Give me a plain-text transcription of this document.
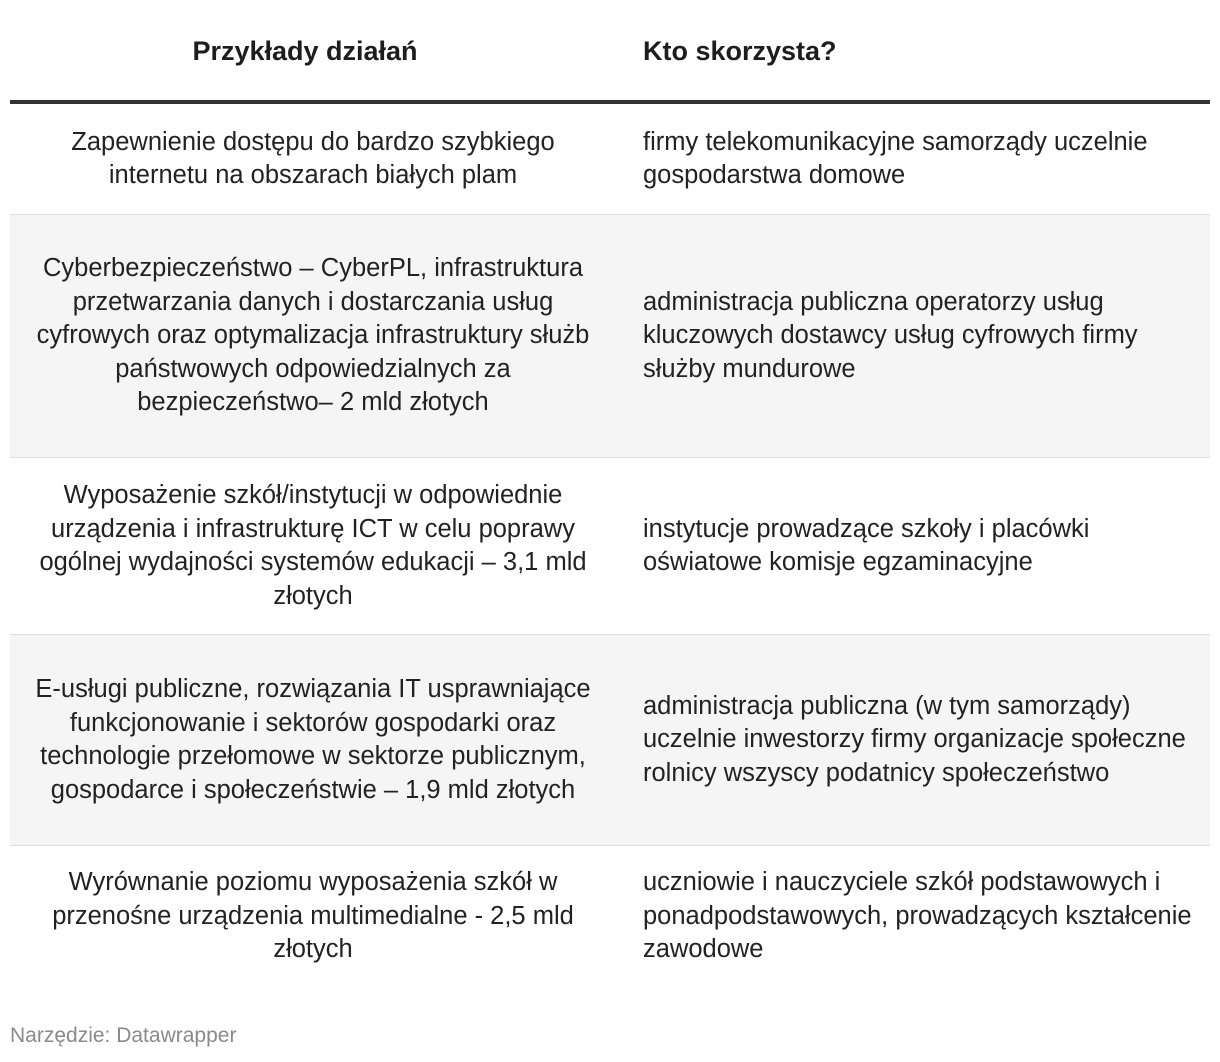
Przykłady działań	Kto skorzysta?
Zapewnienie dostępu do bardzo szybkiego internetu na obszarach białych plam	firmy telekomunikacyjne samorządy uczelnie gospodarstwa domowe
Cyberbezpieczeństwo – CyberPL, infrastruktura przetwarzania danych i dostarczania usług cyfrowych oraz optymalizacja infrastruktury służb państwowych odpowiedzialnych za bezpieczeństwo– 2 mld złotych	administracja publiczna operatorzy usług kluczowych dostawcy usług cyfrowych firmy służby mundurowe
Wyposażenie szkół/instytucji w odpowiednie urządzenia i infrastrukturę ICT w celu poprawy ogólnej wydajności systemów edukacji – 3,1 mld złotych	instytucje prowadzące szkoły i placówki oświatowe komisje egzaminacyjne
E-usługi publiczne, rozwiązania IT usprawniające funkcjonowanie i sektorów gospodarki oraz technologie przełomowe w sektorze publicznym, gospodarce i społeczeństwie – 1,9 mld złotych	administracja publiczna (w tym samorządy) uczelnie inwestorzy firmy organizacje społeczne rolnicy wszyscy podatnicy społeczeństwo
Wyrównanie poziomu wyposażenia szkół w przenośne urządzenia multimedialne - 2,5 mld złotych	uczniowie i nauczyciele szkół podstawowych i ponadpodstawowych, prowadzących kształcenie zawodowe
Narzędzie: Datawrapper
